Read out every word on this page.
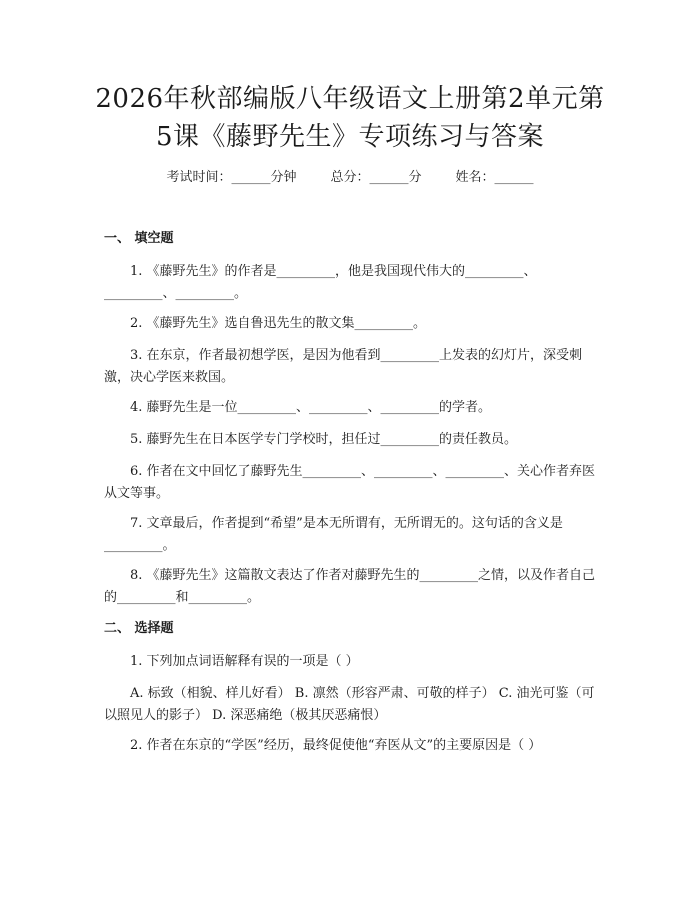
2026年秋部编版八年级语文上册第2单元第
5课《藤野先生》专项练习与答案
考试时间：______分钟	总分：______分	姓名：______
一、 填空题

1. 《藤野先生》的作者是_________，他是我国现代伟大的_________、_________、_________。

2. 《藤野先生》选自鲁迅先生的散文集_________。

3. 在东京，作者最初想学医，是因为他看到_________上发表的幻灯片，深受刺激，决心学医来救国。

4. 藤野先生是一位_________、_________、_________的学者。

5. 藤野先生在日本医学专门学校时，担任过_________的责任教员。

6. 作者在文中回忆了藤野先生_________、_________、_________、关心作者弃医从文等事。

7. 文章最后，作者提到“希望”是本无所谓有，无所谓无的。这句话的含义是_________。

8. 《藤野先生》这篇散文表达了作者对藤野先生的_________之情，以及作者自己的_________和_________。

二、 选择题

1. 下列加点词语解释有误的一项是（ ）

A. 标致（相貌、样儿好看） B. 凛然（形容严肃、可敬的样子） C. 油光可鉴（可以照见人的影子） D. 深恶痛绝（极其厌恶痛恨）

2. 作者在东京的“学医”经历，最终促使他“弃医从文”的主要原因是（ ）
